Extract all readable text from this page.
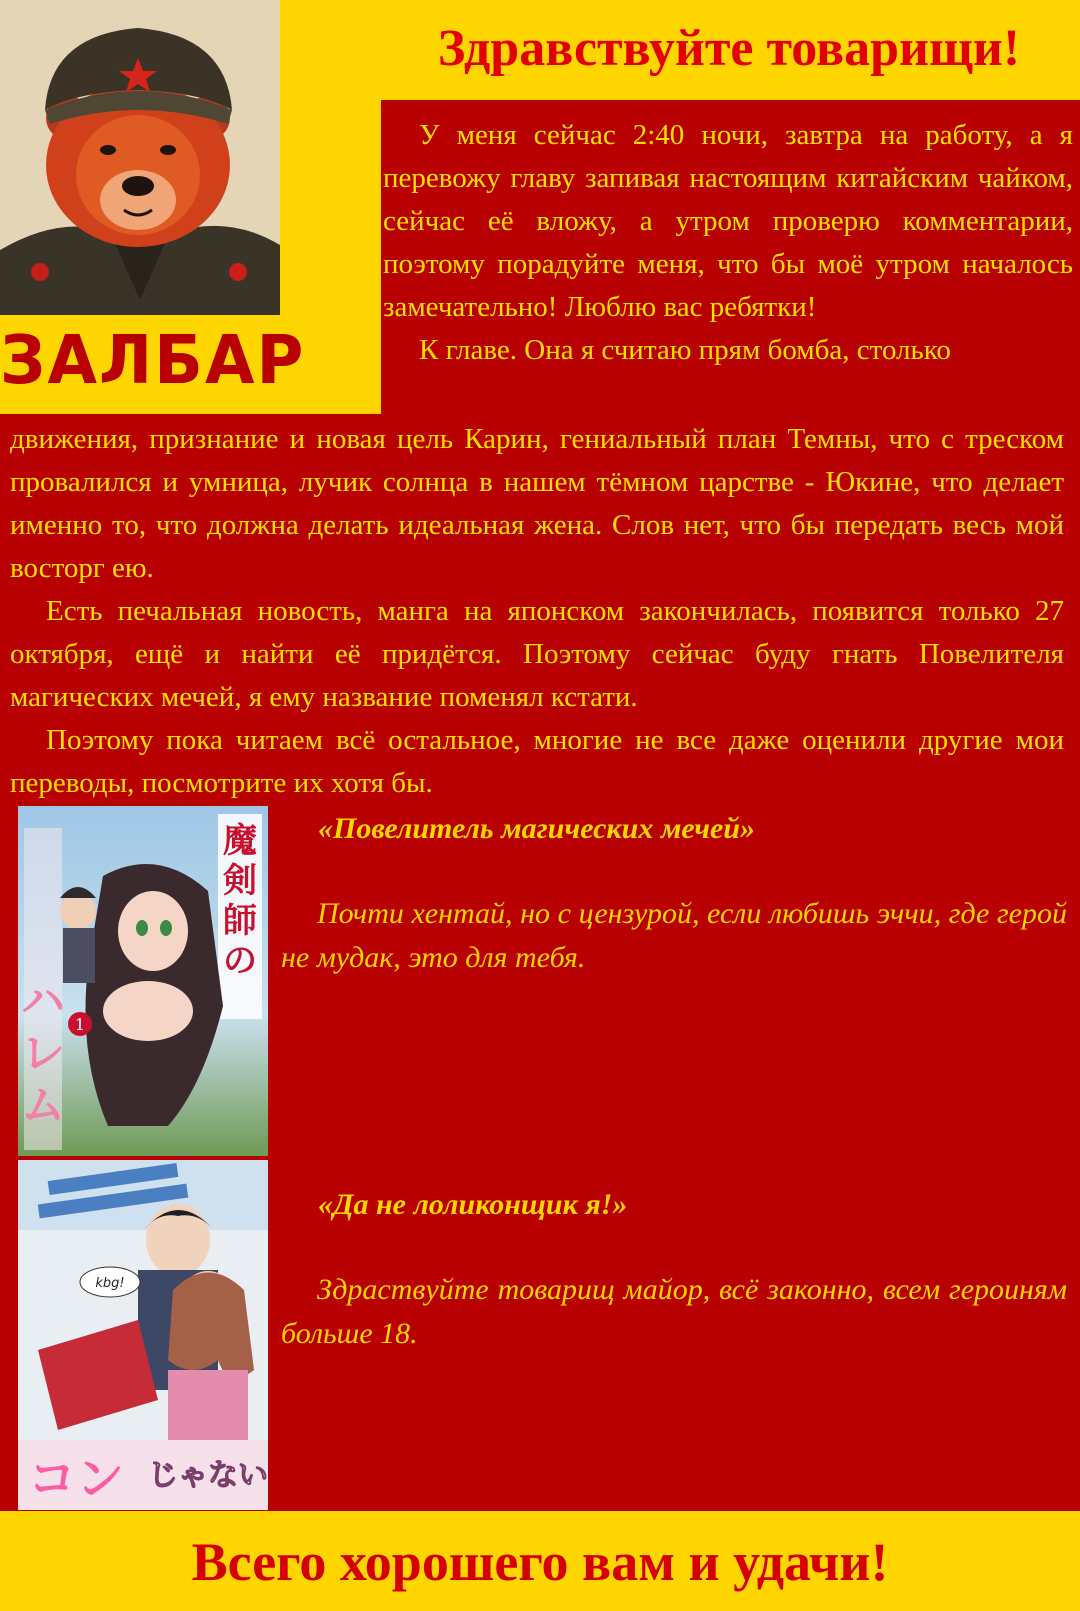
Здравствуйте товарищи!
ЗАЛБАР

У меня сейчас 2:40 ночи, завтра на работу, а я перевожу главу запивая настоящим китайским чайком, сейчас её вложу, а утром проверю комментарии, поэтому порадуйте меня, что бы моё утром началось замечательно! Люблю вас ребятки!

К главе. Она я считаю прям бомба, столько

движения, признание и новая цель Карин, гениальный план Темны, что с треском провалился и умница, лучик солнца в нашем тёмном царстве - Юкине, что делает именно то, что должна делать идеальная жена. Слов нет, что бы передать весь мой восторг ею.

Есть печальная новость, манга на японском закончилась, появится только 27 октября, ещё и найти её придётся. Поэтому сейчас буду гнать Повелителя магических мечей, я ему название поменял кстати.

Поэтому пока читаем всё остальное, многие не все даже оценили другие мои переводы, посмотрите их хотя бы.

魔
剣
師
の
ハ
レ
ム
1
kbg!
コン じゃない
«Повелитель магических мечей»

Почти хентай, но с цензурой, если любишь эччи, где герой не мудак, это для тебя.

«Да не лоликонщик я!»

Здраствуйте товарищ майор, всё законно, всем героиням больше 18.

Всего хорошего вам и удачи!
